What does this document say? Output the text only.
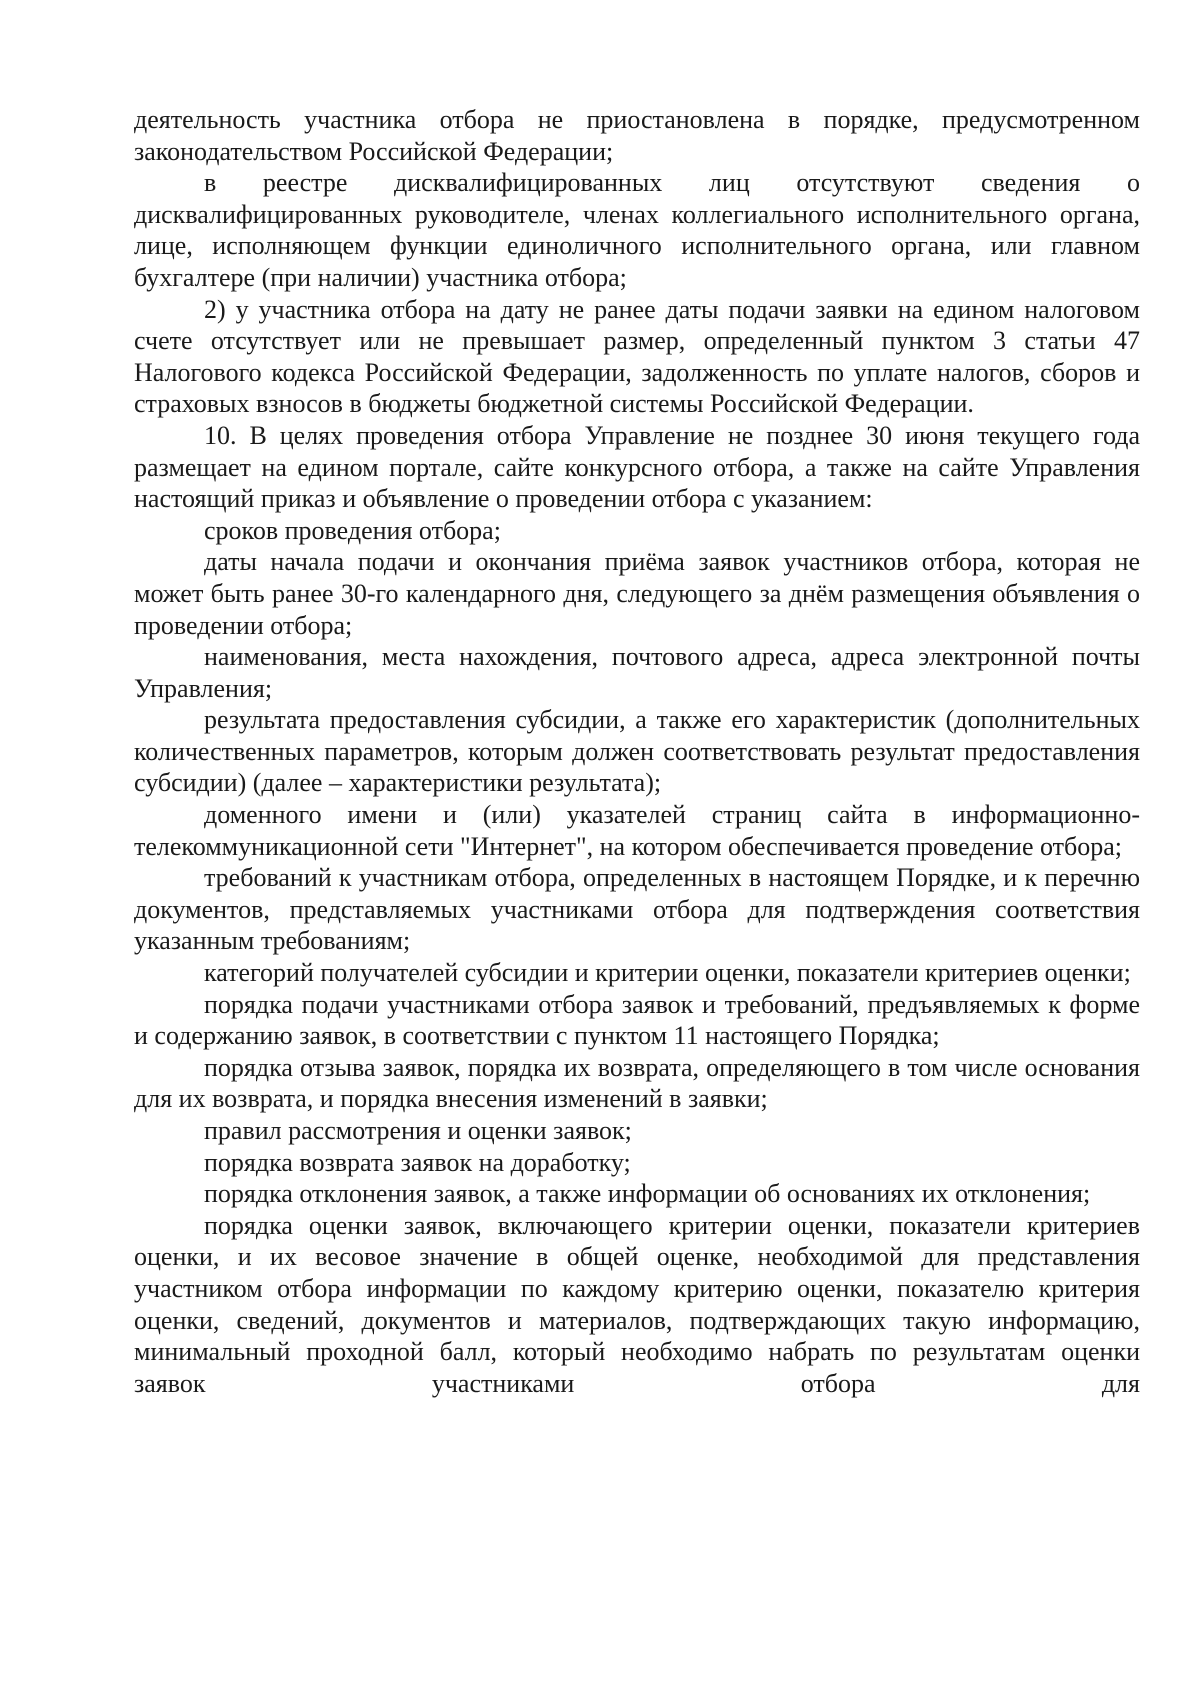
деятельность участника отбора не приостановлена в порядке, предусмотренном законодательством Российской Федерации;

в реестре дисквалифицированных лиц отсутствуют сведения о дисквалифицированных руководителе, членах коллегиального исполнительного органа, лице, исполняющем функции единоличного исполнительного органа, или главном бухгалтере (при наличии) участника отбора;

2) у участника отбора на дату не ранее даты подачи заявки на едином налоговом счете отсутствует или не превышает размер, определенный пунктом 3 статьи 47 Налогового кодекса Российской Федерации, задолженность по уплате налогов, сборов и страховых взносов в бюджеты бюджетной системы Российской Федерации.

10. В целях проведения отбора Управление не позднее 30 июня текущего года размещает на едином портале, сайте конкурсного отбора, а также на сайте Управления настоящий приказ и объявление о проведении отбора с указанием:

сроков проведения отбора;

даты начала подачи и окончания приёма заявок участников отбора, которая не может быть ранее 30-го календарного дня, следующего за днём размещения объявления о проведении отбора;

наименования, места нахождения, почтового адреса, адреса электронной почты Управления;

результата предоставления субсидии, а также его характеристик (дополнительных количественных параметров, которым должен соответствовать результат предоставления субсидии) (далее – характеристики результата);

доменного имени и (или) указателей страниц сайта в информационно-телекоммуникационной сети "Интернет", на котором обеспечивается проведение отбора;

требований к участникам отбора, определенных в настоящем Порядке, и к перечню документов, представляемых участниками отбора для подтверждения соответствия указанным требованиям;

категорий получателей субсидии и критерии оценки, показатели критериев оценки;

порядка подачи участниками отбора заявок и требований, предъявляемых к форме и содержанию заявок, в соответствии с пунктом 11 настоящего Порядка;

порядка отзыва заявок, порядка их возврата, определяющего в том числе основания для их возврата, и порядка внесения изменений в заявки;

правил рассмотрения и оценки заявок;

порядка возврата заявок на доработку;

порядка отклонения заявок, а также информации об основаниях их отклонения;

порядка оценки заявок, включающего критерии оценки, показатели критериев оценки, и их весовое значение в общей оценке, необходимой для представления участником отбора информации по каждому критерию оценки, показателю критерия оценки, сведений, документов и материалов, подтверждающих такую информацию, минимальный проходной балл, который необходимо набрать по результатам оценки заявок участниками отбора для
